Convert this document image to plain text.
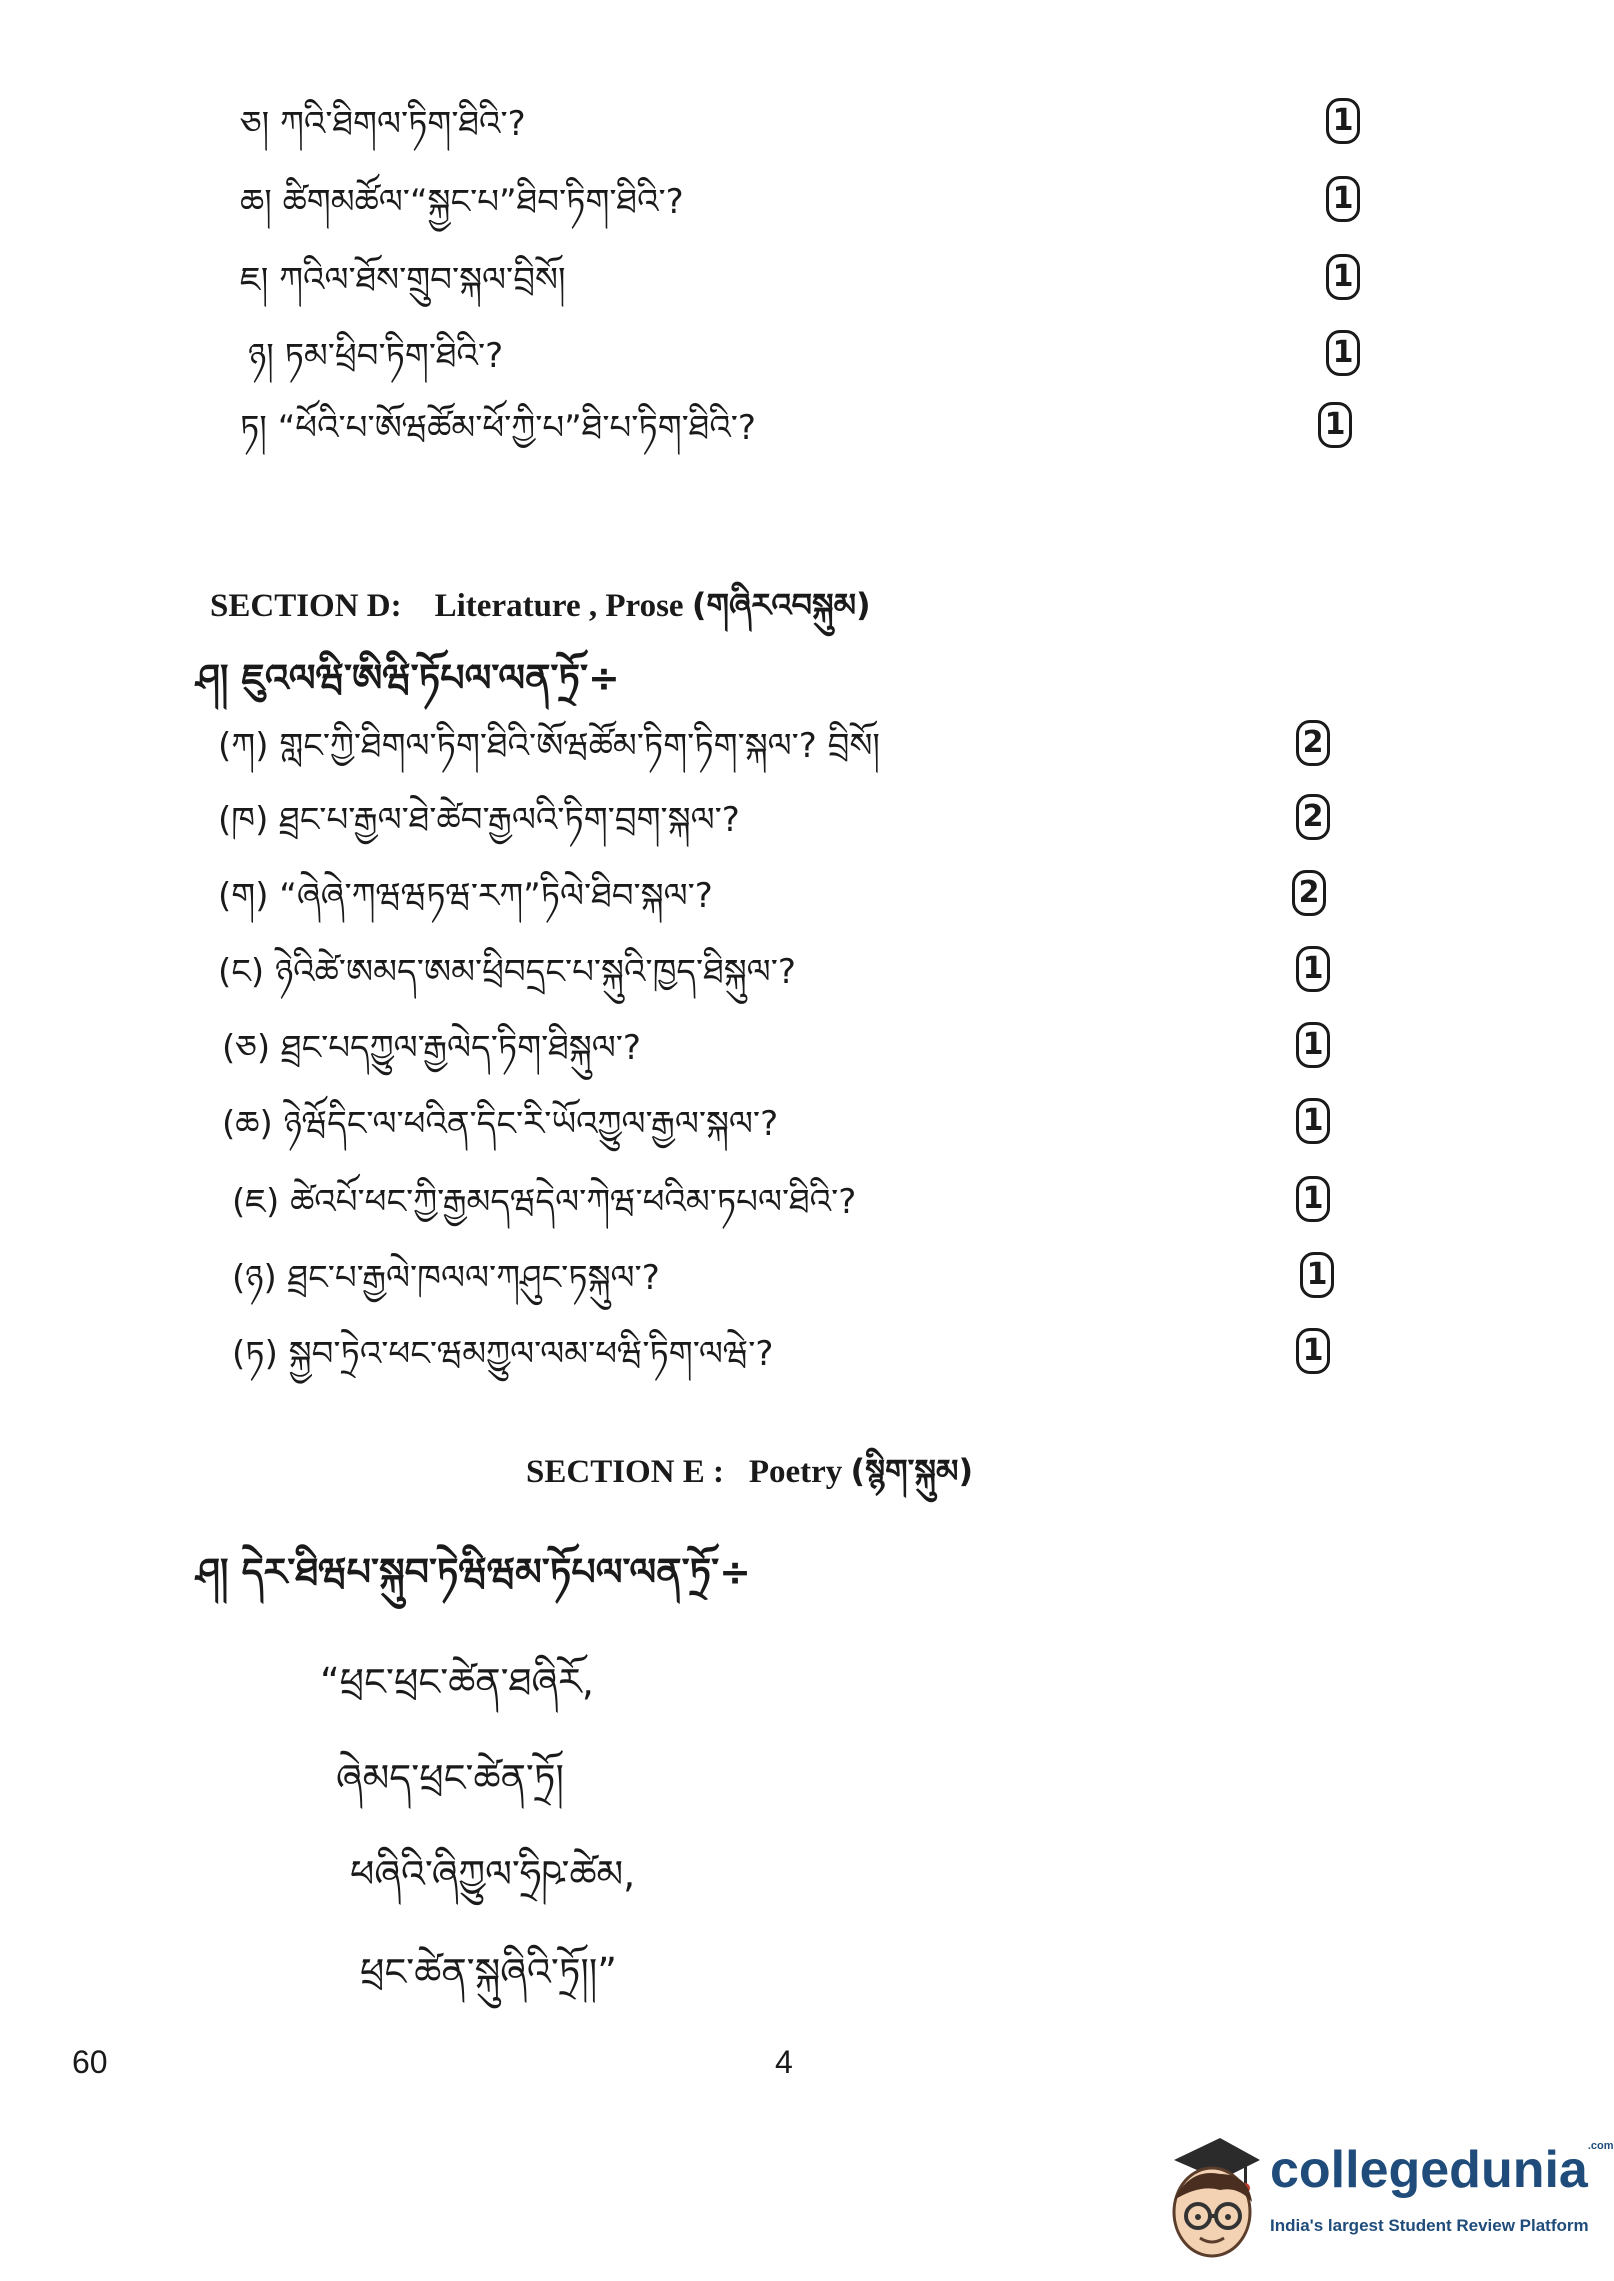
ཅ། ཀའི་ཐིགལ་ཏིག་ཐིའི་?	1
ཆ། ཚིགམཚོལ་“སྐྱང་པ”ཐིབ་ཏིག་ཐིའི་?	1
ཇ། ཀའིལ་ཐོས་གྲུབ་སྐལ་བྲིསོ།	1
ཉ། ཏམ་ཕྲིབ་ཏིག་ཐིའི་?	1
ཏ། “ཕོའི་པ་ཨོཝཚོམ་ཕོ་ཀྱི་པ”ཐི་པ་ཏིག་ཐིའི་?	1
SECTION D: Literature , Prose (གཞིརའབསྐུམ)
ཤ། ཇུའལཝི་ཨིཝི་ཏོཔལ་ལན་ཏྲོ་÷
(ཀ) གླང་ཀྱི་ཐིགལ་ཏིག་ཐིའི་ཨོཝཚོམ་ཏིག་ཏིག་སྐལ་? བྲིསོ།	2
(ཁ) ཐྲང་པ་རྒྱལ་ཐེ་ཚེབ་རྒྱལའི་ཏིག་བྲག་སྐལ་?	2
(ག) “ཞེཞེ་ཀཝཝཏཝ་རཀ”ཏིལེ་ཐིབ་སྐལ་?	2
(ང) ཉེའིཚེ་ཨམད་ཨམ་ཕྲིབདྲང་པ་སྐུའི་ཁྱད་ཐིསྐུལ་?	1
(ཅ) ཐྲང་པདཀྱུལ་རྒྱལེད་ཏིག་ཐིསྐུལ་?	1
(ཆ) ཉེཝོདིང་ལ་ཕའིན་དིང་རི་ཡོའཀྱུལ་རྒྱལ་སྐལ་?	1
(ཇ) ཚེའཔོ་ཕང་ཀྱི་རྒྱམདཝདེལ་ཀེཝ་ཕའིམ་ཏཔལ་ཐིའི་?	1
(ཉ) ཐྲང་པ་རྒྱལེ་ཁལལ་ཀཤུང་ཏསྐུལ་?	1
(ཏ) སྐྱབ་ཏྲེའ་ཕང་ཝམཀྱུལ་ལམ་ཕཝི་ཏིག་ལཝེ་?	1
SECTION E : Poetry (སྙིག་སྐུམ)
ཤ། དེར་ཐིཝཔ་སྐུབ་ཏེཝིཝམ་ཏོཔལ་ལན་ཏྲོ་÷
“ཕྲང་ཕྲང་ཚེན་ཐཞིརོ,
ཞེམད་ཕྲང་ཚེན་ཏྲོ།
ཕཞིའི་ཞིཀྱུལ་ཧྲིཥ་ཚེམ,
ཕྲང་ཚེན་སྐུཞིའི་ཏྲོ།།”
60	4
collegedunia$^{.com}$
India's largest Student Review Platform
